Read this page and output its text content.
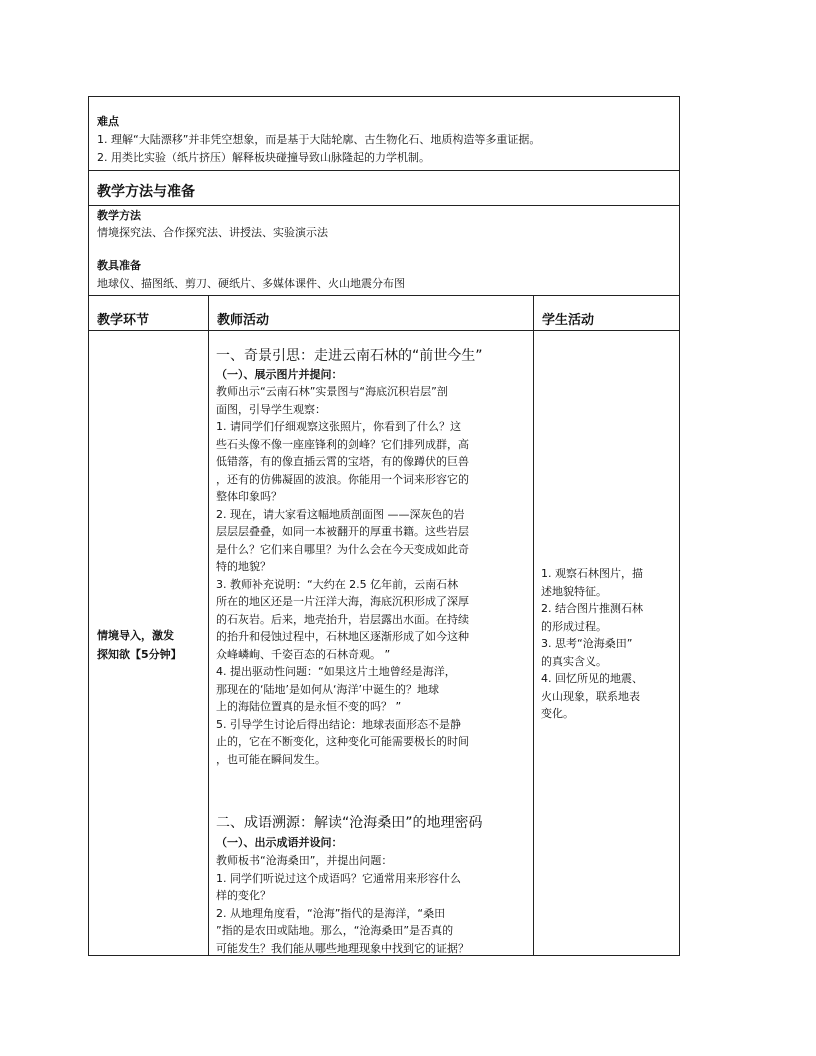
难点
1. 理解“大陆漂移”并非凭空想象，而是基于大陆轮廓、古生物化石、地质构造等多重证据。
2. 用类比实验（纸片挤压）解释板块碰撞导致山脉隆起的力学机制。
教学方法与准备
教学方法
情境探究法、合作探究法、讲授法、实验演示法
教具准备
地球仪、描图纸、剪刀、硬纸片、多媒体课件、火山地震分布图
教学环节	教师活动	学生活动
情境导入，激发
探知欲【5分钟】
一、奇景引思：走进云南石林的“前世今生”
（一）、展示图片并提问：
教师出示“云南石林”实景图与“海底沉积岩层”剖
面图，引导学生观察：
1. 请同学们仔细观察这张照片，你看到了什么？这
些石头像不像一座座锋利的剑峰？它们排列成群，高
低错落，有的像直插云霄的宝塔，有的像蹲伏的巨兽
，还有的仿佛凝固的波浪。你能用一个词来形容它的
整体印象吗？
2. 现在，请大家看这幅地质剖面图 ——深灰色的岩
层层层叠叠，如同一本被翻开的厚重书籍。这些岩层
是什么？它们来自哪里？为什么会在今天变成如此奇
特的地貌？
3. 教师补充说明：“大约在 2.5 亿年前，云南石林
所在的地区还是一片汪洋大海，海底沉积形成了深厚
的石灰岩。后来，地壳抬升，岩层露出水面。在持续
的抬升和侵蚀过程中，石林地区逐渐形成了如今这种
众峰嶙峋、千姿百态的石林奇观。 ”
4. 提出驱动性问题：“如果这片土地曾经是海洋，
那现在的‘陆地’是如何从‘海洋’中诞生的？地球
上的海陆位置真的是永恒不变的吗？ ”
5. 引导学生讨论后得出结论：地球表面形态不是静
止的，它在不断变化，这种变化可能需要极长的时间
，也可能在瞬间发生。
二、成语溯源：解读“沧海桑田”的地理密码
（一）、出示成语并设问：
教师板书“沧海桑田”，并提出问题：
1. 同学们听说过这个成语吗？它通常用来形容什么
样的变化？
2. 从地理角度看，“沧海”指代的是海洋，“桑田
”指的是农田或陆地。那么，“沧海桑田”是否真的
可能发生？我们能从哪些地理现象中找到它的证据？
1. 观察石林图片，描
述地貌特征。
2. 结合图片推测石林
的形成过程。
3. 思考“沧海桑田”
的真实含义。
4. 回忆所见的地震、
火山现象，联系地表
变化。
